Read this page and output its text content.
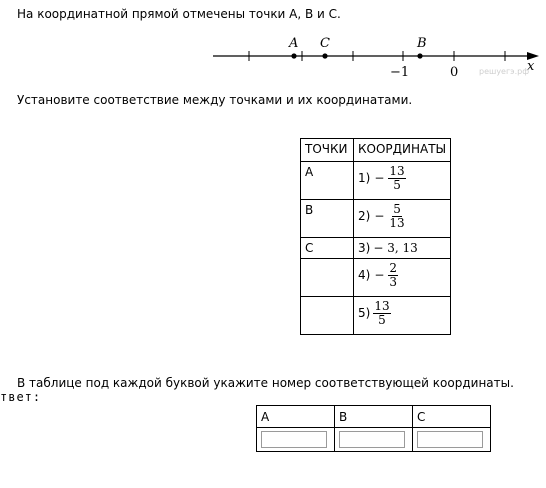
На координатной прямой отмечены точки A, B и C.
A C	B
−1	0	x
решуегэ.рф
Установите соответствие между точками и их координатами.
ТОЧКИ	КООРДИНАТЫ
A	$1) - \frac{13}{5}$

B	$2) - \frac{5}{13}$

C	3) − 3, 13

	$4) - \frac{2}{3}$

	$5) \frac{13}{5}$
В таблице под каждой буквой укажите номер соответствующей координаты.
твет:
A	B	C
